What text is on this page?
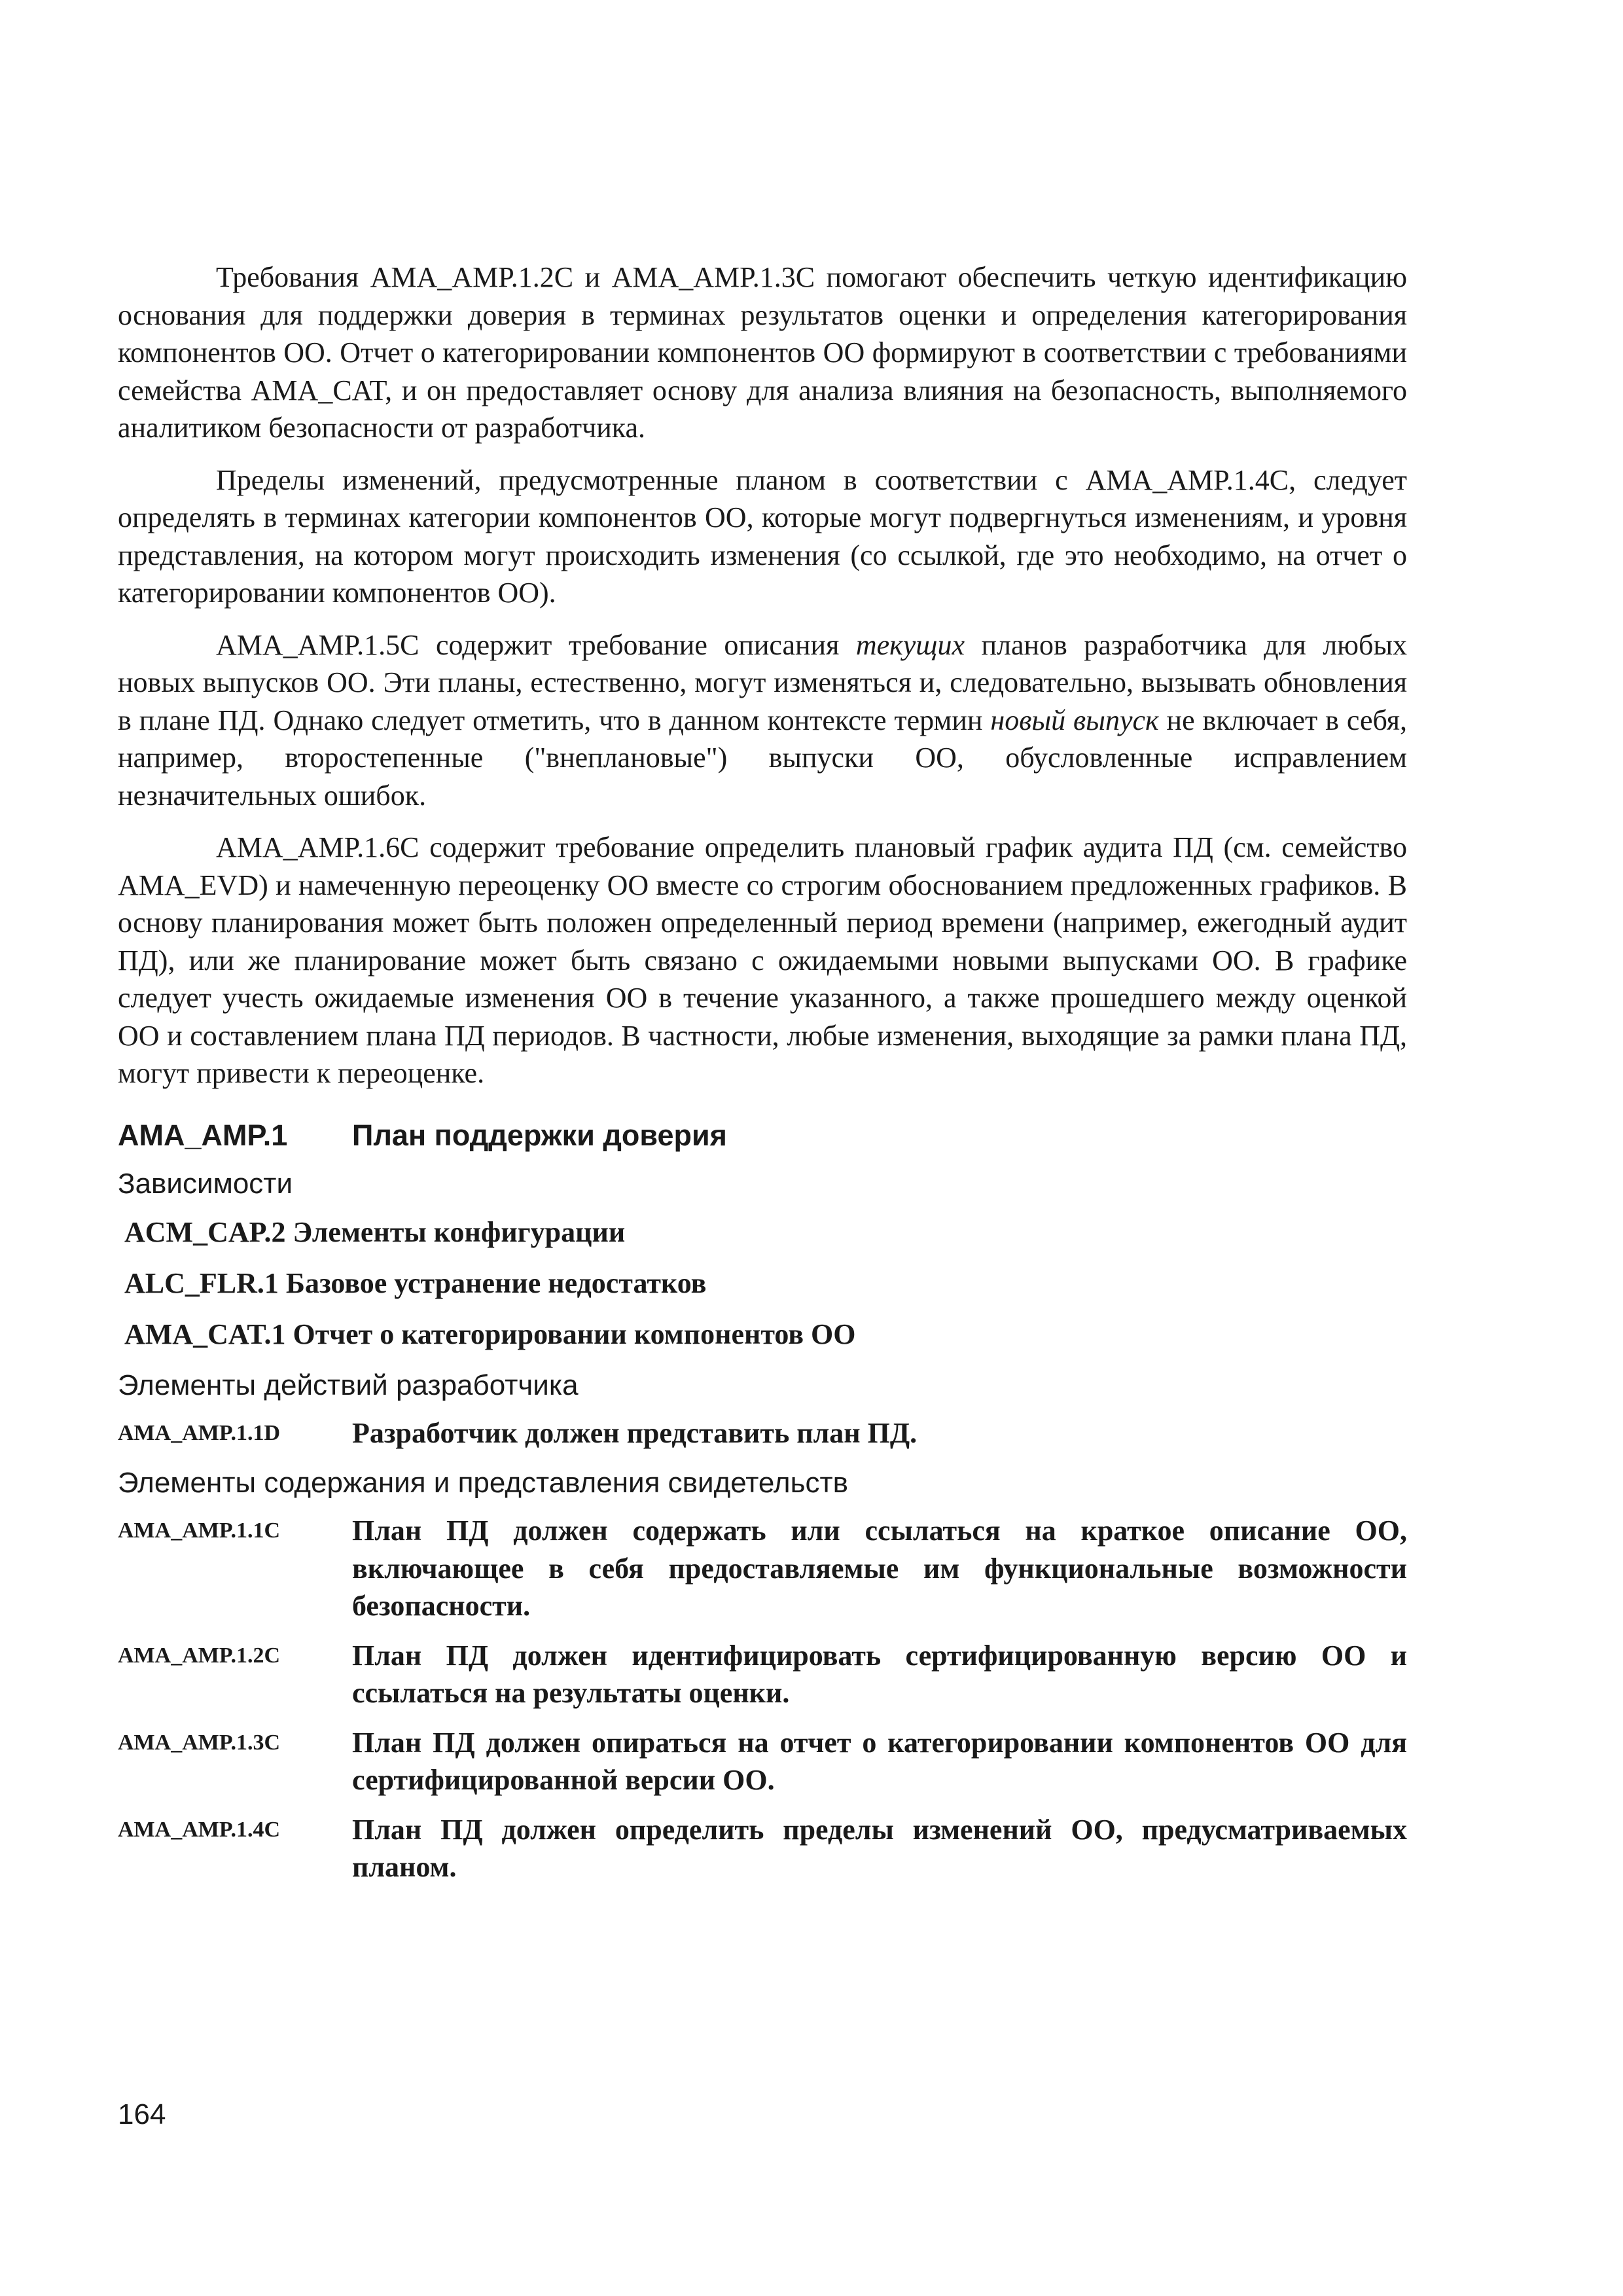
Требования AMA_AMP.1.2C и AMA_AMP.1.3C помогают обеспечить четкую идентификацию основания для поддержки доверия в терминах результатов оценки и определения категорирования компонентов ОО. Отчет о категорировании компонентов ОО формируют в соответствии с требованиями семейства AMA_CAT, и он предоставляет основу для анализа влияния на безопасность, выполняемого аналитиком безопасности от разработчика.

Пределы изменений, предусмотренные планом в соответствии с AMA_AMP.1.4C, следует определять в терминах категории компонентов ОО, которые могут подвергнуться изменениям, и уровня представления, на котором могут происходить изменения (со ссылкой, где это необходимо, на отчет о категорировании компонентов ОО).

AMA_AMP.1.5C содержит требование описания текущих планов разработчика для любых новых выпусков ОО. Эти планы, естественно, могут изменяться и, следовательно, вызывать обновления в плане ПД. Однако следует отметить, что в данном контексте термин новый выпуск не включает в себя, например, второстепенные ("внеплановые") выпуски ОО, обусловленные исправлением незначительных ошибок.

AMA_AMP.1.6C содержит требование определить плановый график аудита ПД (см. семейство AMA_EVD) и намеченную переоценку ОО вместе со строгим обоснованием предложенных графиков. В основу планирования может быть положен определенный период времени (например, ежегодный аудит ПД), или же планирование может быть связано с ожидаемыми новыми выпусками ОО. В графике следует учесть ожидаемые изменения ОО в течение указанного, а также прошедшего между оценкой ОО и составлением плана ПД периодов. В частности, любые изменения, выходящие за рамки плана ПД, могут привести к переоценке.

AMA_AMP.1	План поддержки доверия
Зависимости
ACM_CAP.2 Элементы конфигурации
ALC_FLR.1 Базовое устранение недостатков
AMA_CAT.1 Отчет о категорировании компонентов ОО
Элементы действий разработчика
AMA_AMP.1.1D	Разработчик должен представить план ПД.
Элементы содержания и представления свидетельств
AMA_AMP.1.1C	План ПД должен содержать или ссылаться на краткое описание ОО, включающее в себя предоставляемые им функциональные возможности безопасности.
AMA_AMP.1.2C	План ПД должен идентифицировать сертифицированную версию ОО и ссылаться на результаты оценки.
AMA_AMP.1.3C	План ПД должен опираться на отчет о категорировании компонентов ОО для сертифицированной версии ОО.
AMA_AMP.1.4C	План ПД должен определить пределы изменений ОО, предусматриваемых планом.
164
